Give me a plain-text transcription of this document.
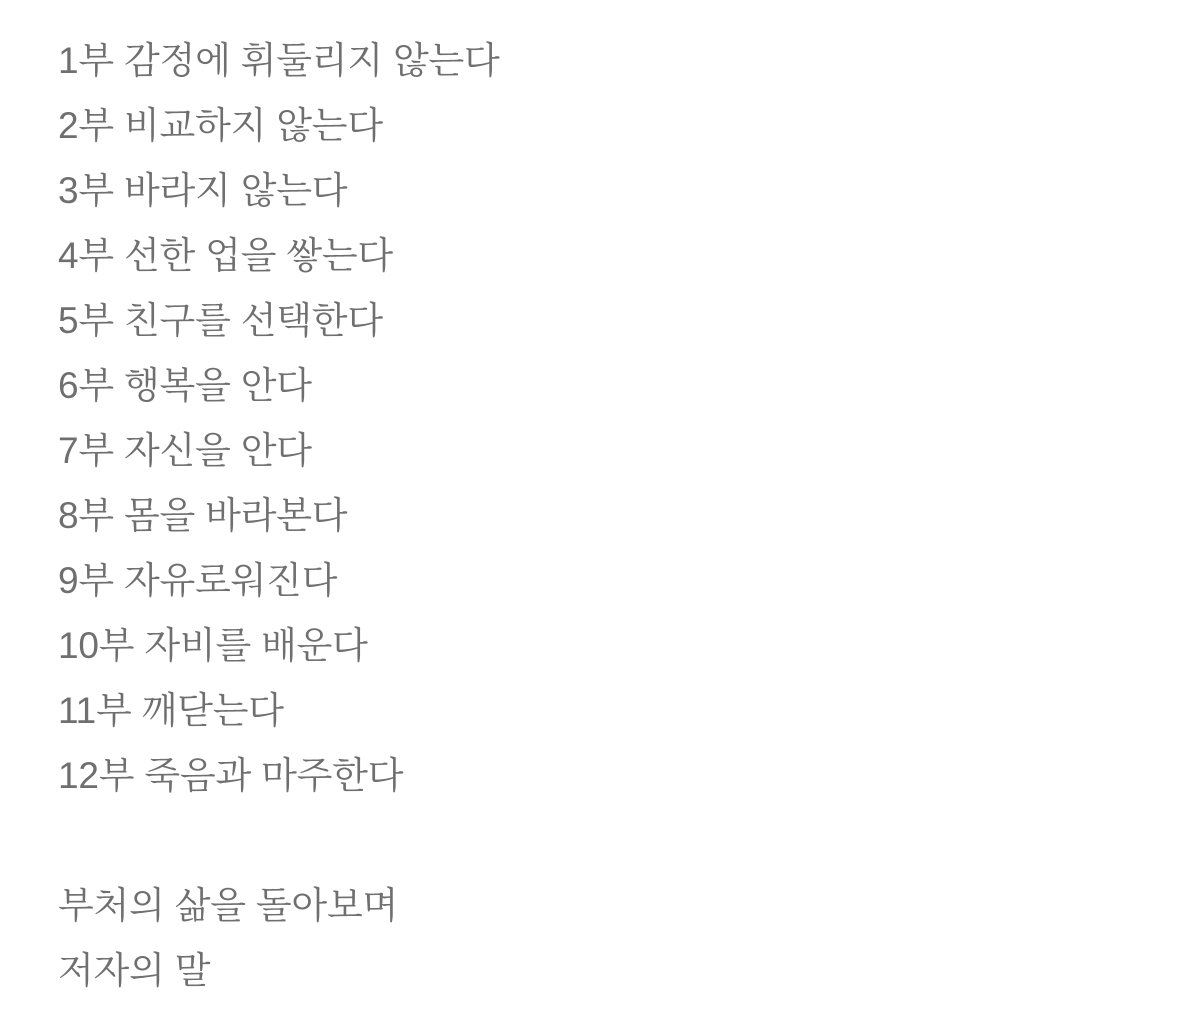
1부 감정에 휘둘리지 않는다
2부 비교하지 않는다
3부 바라지 않는다
4부 선한 업을 쌓는다
5부 친구를 선택한다
6부 행복을 안다
7부 자신을 안다
8부 몸을 바라본다
9부 자유로워진다
10부 자비를 배운다
11부 깨닫는다
12부 죽음과 마주한다
부처의 삶을 돌아보며
저자의 말
